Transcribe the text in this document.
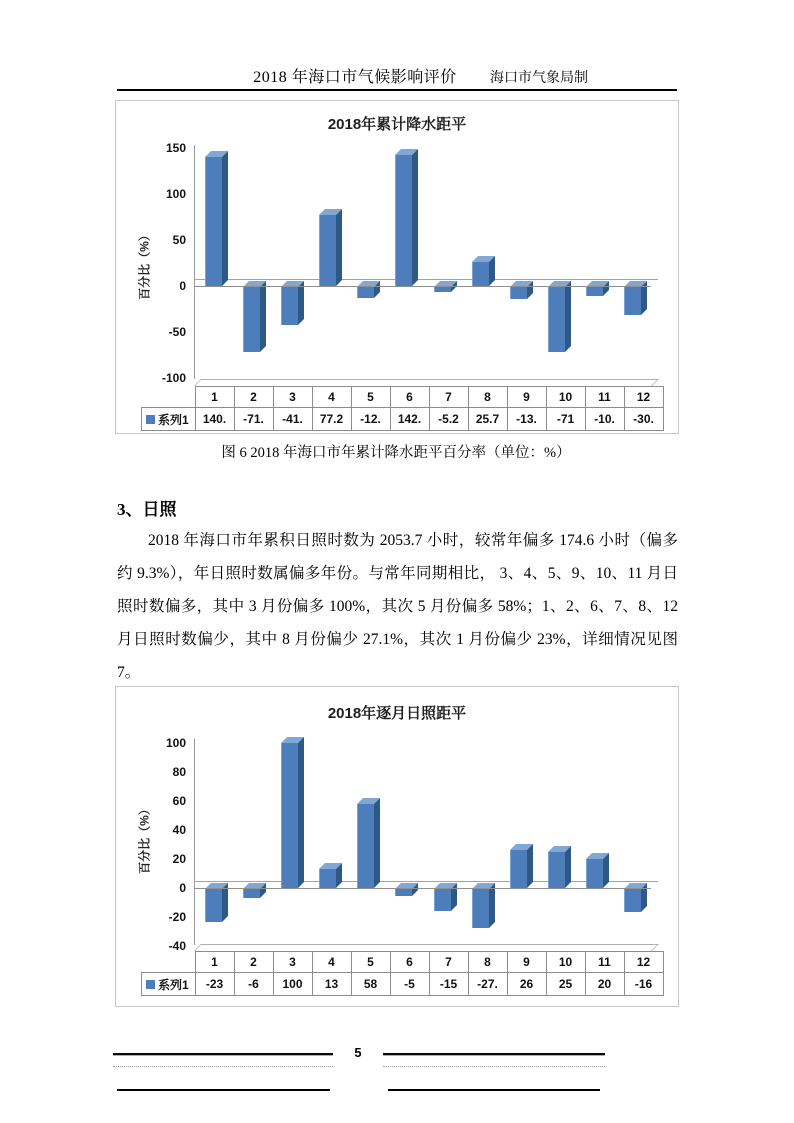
2018 年海口市气候影响评价	海口市气象局制
2018年累计降水距平
百分比（%）
150
100
50
0
-50
-100
	1	2	3	4	5	6	7	8	9	10	11	12
系列1	140.	-71.	-41.	77.2	-12.	142.	-5.2	25.7	-13.	-71	-10.	-30.
图 6 2018 年海口市年累计降水距平百分率（单位：%）
3、日照
2018 年海口市年累积日照时数为 2053.7 小时，较常年偏多 174.6 小时（偏多约 9.3%），年日照时数属偏多年份。与常年同期相比， 3、4、5、9、10、11 月日照时数偏多，其中 3 月份偏多 100%，其次 5 月份偏多 58%；1、2、6、7、8、12 月日照时数偏少，其中 8 月份偏少 27.1%，其次 1 月份偏少 23%，详细情况见图 7。
2018年逐月日照距平
百分比（%）
100
80
60
40
20
0
-20
-40
	1	2	3	4	5	6	7	8	9	10	11	12
系列1	-23	-6	100	13	58	-5	-15	-27.	26	25	20	-16
5
